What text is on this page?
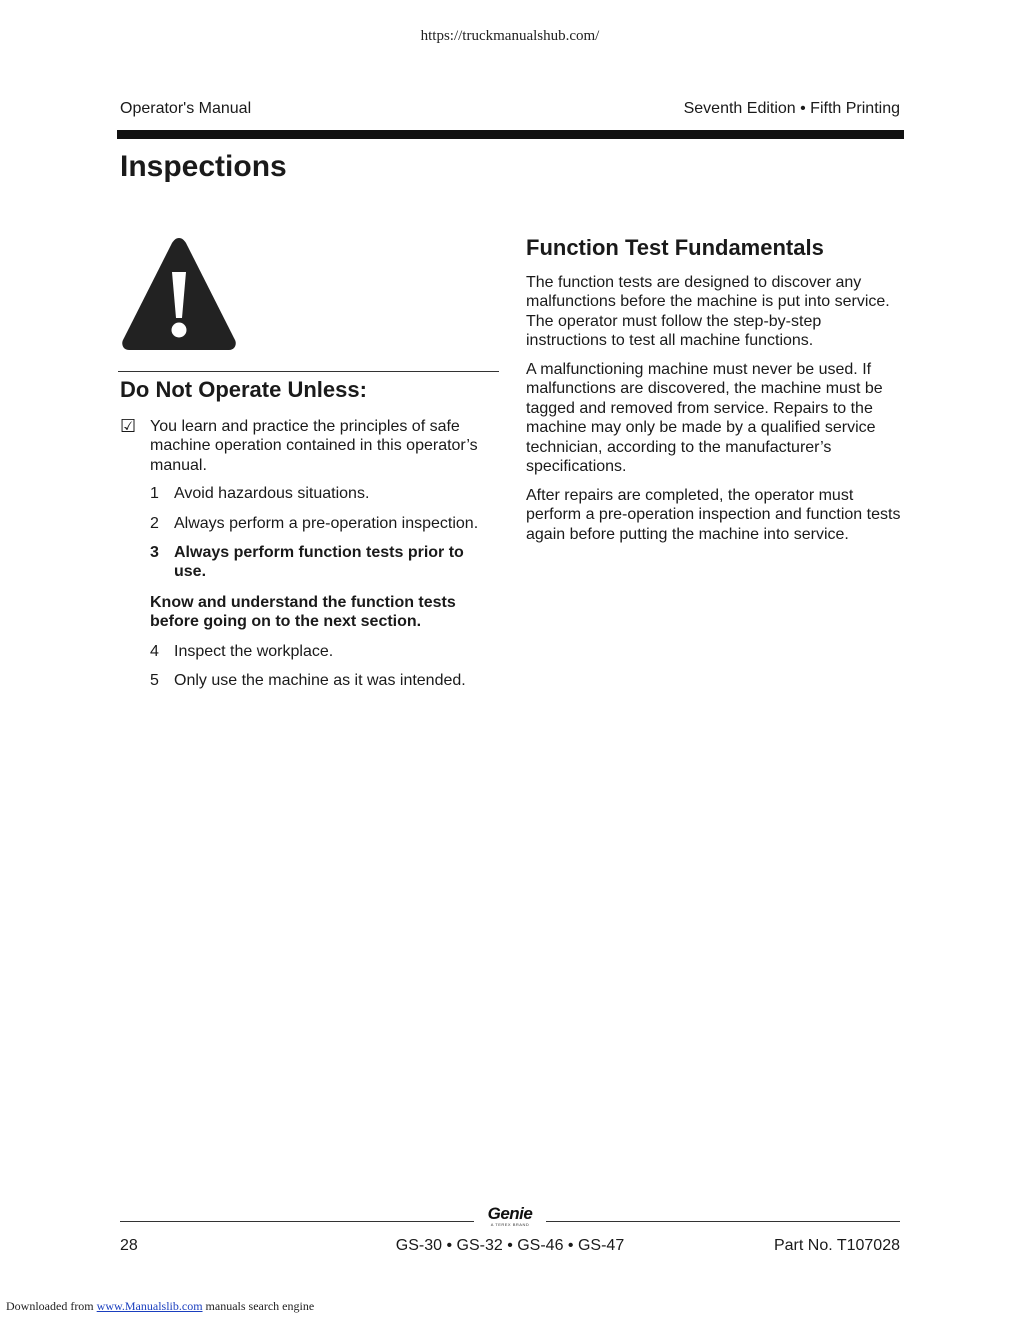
https://truckmanualshub.com/
Operator's Manual	Seventh Edition • Fifth Printing
Inspections
Do Not Operate Unless:
☑ You learn and practice the principles of safe machine operation contained in this operator’s manual.

1 Avoid hazardous situations.
2 Always perform a pre-operation inspection.
3 Always perform function tests prior to use.

Know and understand the function tests before going on to the next section.

4 Inspect the workplace.
5 Only use the machine as it was intended.
Function Test Fundamentals

The function tests are designed to discover any malfunctions before the machine is put into service. The operator must follow the step-by-step instructions to test all machine functions.

A malfunctioning machine must never be used. If malfunctions are discovered, the machine must be tagged and removed from service. Repairs to the machine may only be made by a qualified service technician, according to the manufacturer’s specifications.

After repairs are completed, the operator must perform a pre-operation inspection and function tests again before putting the machine into service.

Genie
A TEREX BRAND
28	GS-30 • GS-32 • GS-46 • GS-47	Part No. T107028
Downloaded from www.Manualslib.com manuals search engine
